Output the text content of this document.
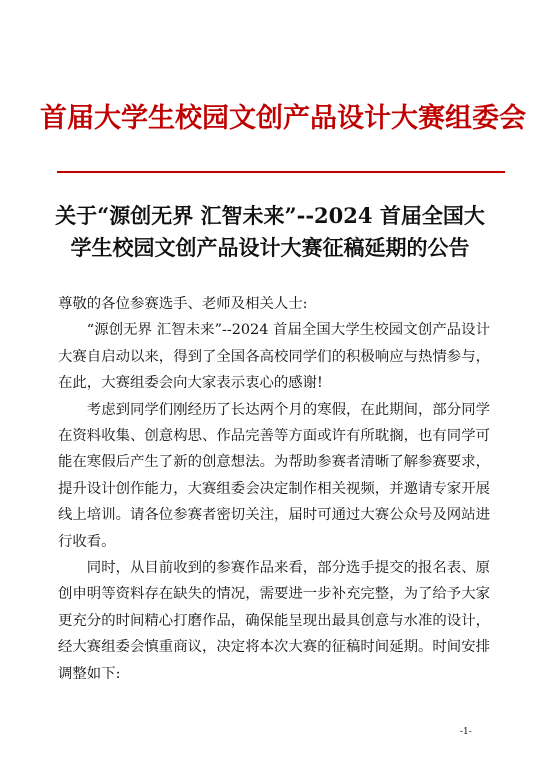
首届大学生校园文创产品设计大赛组委会
关于“源创无界 汇智未来”--2024 首届全国大
学生校园文创产品设计大赛征稿延期的公告

尊敬的各位参赛选手、老师及相关人士:

“源创无界 汇智未来”--2024 首届全国大学生校园文创产品设计大赛自启动以来，得到了全国各高校同学们的积极响应与热情参与，在此，大赛组委会向大家表示衷心的感谢!

考虑到同学们刚经历了长达两个月的寒假，在此期间，部分同学在资料收集、创意构思、作品完善等方面或许有所耽搁，也有同学可能在寒假后产生了新的创意想法。为帮助参赛者清晰了解参赛要求，提升设计创作能力，大赛组委会决定制作相关视频，并邀请专家开展线上培训。请各位参赛者密切关注，届时可通过大赛公众号及网站进行收看。

同时，从目前收到的参赛作品来看，部分选手提交的报名表、原创申明等资料存在缺失的情况，需要进一步补充完整，为了给予大家更充分的时间精心打磨作品，确保能呈现出最具创意与水准的设计，经大赛组委会慎重商议，决定将本次大赛的征稿时间延期。时间安排调整如下:

-1-
